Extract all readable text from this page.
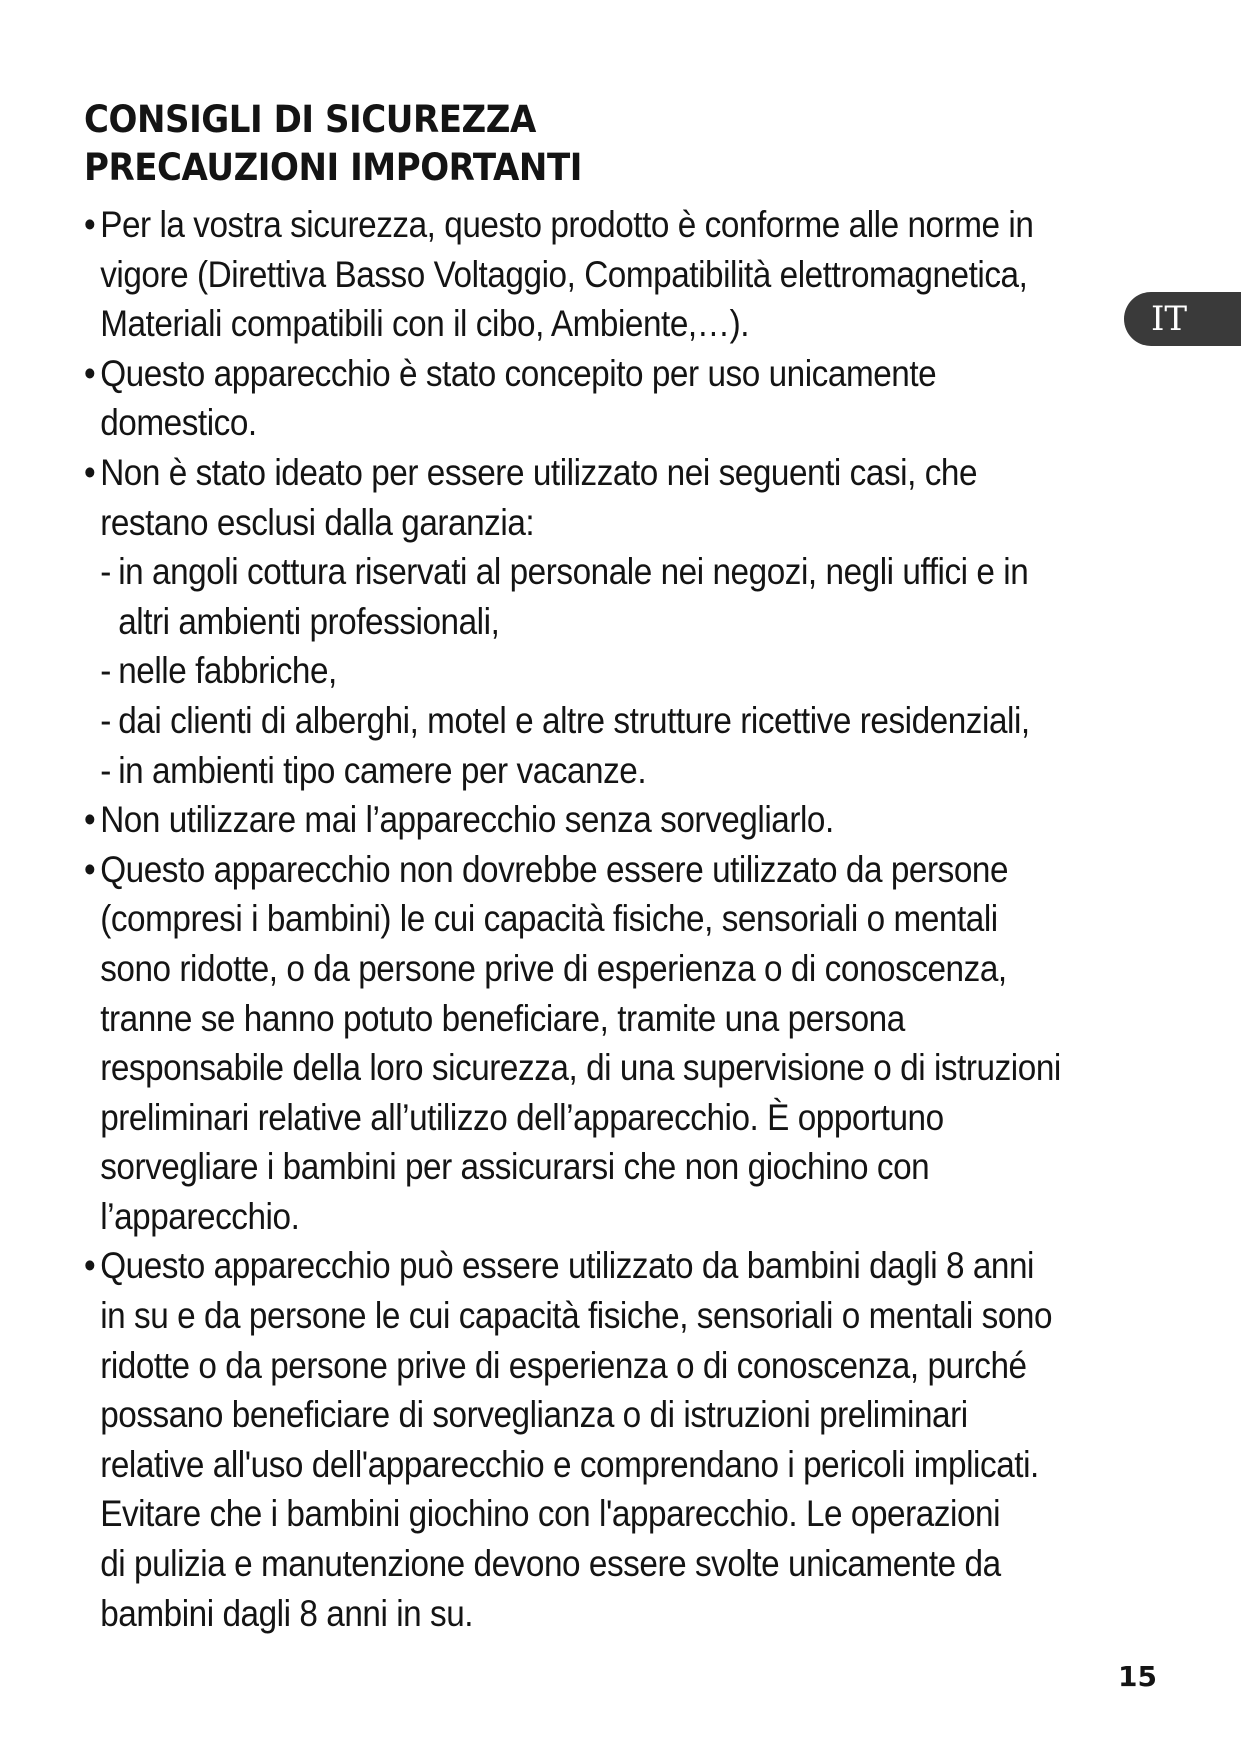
CONSIGLI DI SICUREZZA
PRECAUZIONI IMPORTANTI
IT
• Per la vostra sicurezza, questo prodotto è conforme alle norme in
vigore (Direttiva Basso Voltaggio, Compatibilità elettromagnetica,
Materiali compatibili con il cibo, Ambiente,…).
• Questo apparecchio è stato concepito per uso unicamente
domestico.
• Non è stato ideato per essere utilizzato nei seguenti casi, che
restano esclusi dalla garanzia:
- in angoli cottura riservati al personale nei negozi, negli uffici e in
altri ambienti professionali,
- nelle fabbriche,
- dai clienti di alberghi, motel e altre strutture ricettive residenziali,
- in ambienti tipo camere per vacanze.
• Non utilizzare mai l’apparecchio senza sorvegliarlo.
• Questo apparecchio non dovrebbe essere utilizzato da persone
(compresi i bambini) le cui capacità fisiche, sensoriali o mentali
sono ridotte, o da persone prive di esperienza o di conoscenza,
tranne se hanno potuto beneficiare, tramite una persona
responsabile della loro sicurezza, di una supervisione o di istruzioni
preliminari relative all’utilizzo dell’apparecchio. È opportuno
sorvegliare i bambini per assicurarsi che non giochino con
l’apparecchio.
• Questo apparecchio può essere utilizzato da bambini dagli 8 anni
in su e da persone le cui capacità fisiche, sensoriali o mentali sono
ridotte o da persone prive di esperienza o di conoscenza, purché
possano beneficiare di sorveglianza o di istruzioni preliminari
relative all'uso dell'apparecchio e comprendano i pericoli implicati.
Evitare che i bambini giochino con l'apparecchio. Le operazioni
di pulizia e manutenzione devono essere svolte unicamente da
bambini dagli 8 anni in su.
15
